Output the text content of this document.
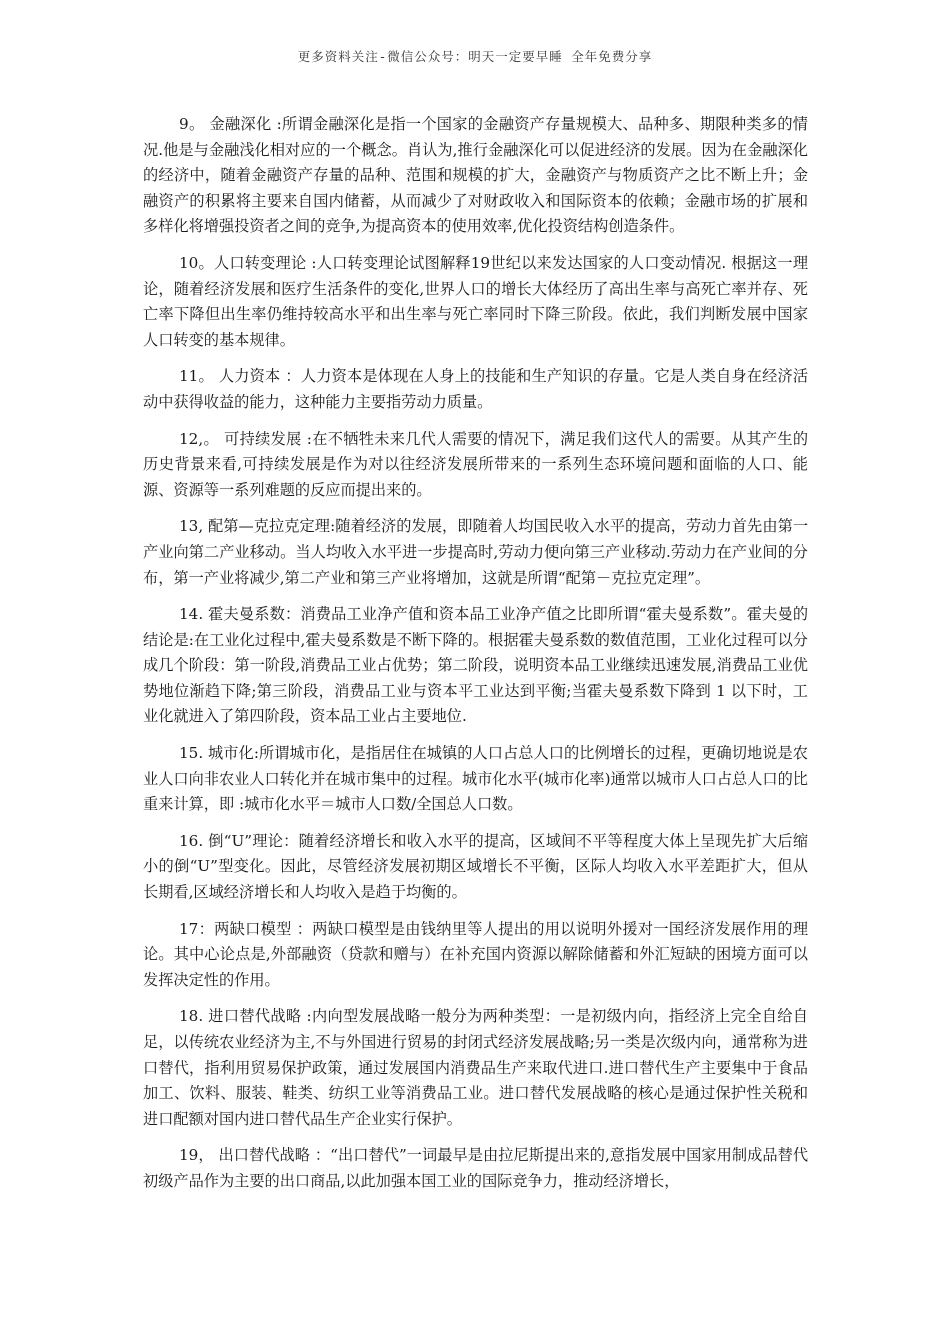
更多资料关注-微信公众号：明天一定要早睡 全年免费分享

9。 金融深化 :所谓金融深化是指一个国家的金融资产存量规模大、品种多、期限种类多的情况.他是与金融浅化相对应的一个概念。肖认为,推行金融深化可以促进经济的发展。因为在金融深化的经济中，随着金融资产存量的品种、范围和规模的扩大，金融资产与物质资产之比不断上升；金融资产的积累将主要来自国内储蓄，从而减少了对财政收入和国际资本的依赖；金融市场的扩展和多样化将增强投资者之间的竞争,为提高资本的使用效率,优化投资结构创造条件。

10。人口转变理论 :人口转变理论试图解释19世纪以来发达国家的人口变动情况. 根据这一理论，随着经济发展和医疗生活条件的变化,世界人口的增长大体经历了高出生率与高死亡率并存、死亡率下降但出生率仍维持较高水平和出生率与死亡率同时下降三阶段。依此，我们判断发展中国家人口转变的基本规律。

11。 人力资本 ：人力资本是体现在人身上的技能和生产知识的存量。它是人类自身在经济活动中获得收益的能力，这种能力主要指劳动力质量。

12,。 可持续发展 :在不牺牲未来几代人需要的情况下，满足我们这代人的需要。从其产生的历史背景来看,可持续发展是作为对以往经济发展所带来的一系列生态环境问题和面临的人口、能源、资源等一系列难题的反应而提出来的。

13, 配第—克拉克定理:随着经济的发展，即随着人均国民收入水平的提高，劳动力首先由第一产业向第二产业移动。当人均收入水平进一步提高时,劳动力便向第三产业移动.劳动力在产业间的分布，第一产业将减少,第二产业和第三产业将增加，这就是所谓“配第－克拉克定理”。

14. 霍夫曼系数：消费品工业净产值和资本品工业净产值之比即所谓“霍夫曼系数”。霍夫曼的结论是:在工业化过程中,霍夫曼系数是不断下降的。根据霍夫曼系数的数值范围，工业化过程可以分成几个阶段：第一阶段,消费品工业占优势；第二阶段，说明资本品工业继续迅速发展,消费品工业优势地位渐趋下降;第三阶段，消费品工业与资本平工业达到平衡;当霍夫曼系数下降到 1 以下时，工业化就进入了第四阶段，资本品工业占主要地位.

15. 城市化:所谓城市化，是指居住在城镇的人口占总人口的比例增长的过程，更确切地说是农业人口向非农业人口转化并在城市集中的过程。城市化水平(城市化率)通常以城市人口占总人口的比重来计算，即 :城市化水平＝城市人口数/全国总人口数。

16. 倒“U”理论：随着经济增长和收入水平的提高，区域间不平等程度大体上呈现先扩大后缩小的倒“U”型变化。因此，尽管经济发展初期区域增长不平衡，区际人均收入水平差距扩大，但从长期看,区域经济增长和人均收入是趋于均衡的。

17：两缺口模型 ：两缺口模型是由钱纳里等人提出的用以说明外援对一国经济发展作用的理论。其中心论点是,外部融资（贷款和赠与）在补充国内资源以解除储蓄和外汇短缺的困境方面可以发挥决定性的作用。

18. 进口替代战略 :内向型发展战略一般分为两种类型：一是初级内向，指经济上完全自给自足，以传统农业经济为主,不与外国进行贸易的封闭式经济发展战略;另一类是次级内向，通常称为进口替代，指利用贸易保护政策，通过发展国内消费品生产来取代进口.进口替代生产主要集中于食品加工、饮料、服装、鞋类、纺织工业等消费品工业。进口替代发展战略的核心是通过保护性关税和进口配额对国内进口替代品生产企业实行保护。

19， 出口替代战略 ：“出口替代”一词最早是由拉尼斯提出来的,意指发展中国家用制成品替代初级产品作为主要的出口商品,以此加强本国工业的国际竞争力，推动经济增长，
